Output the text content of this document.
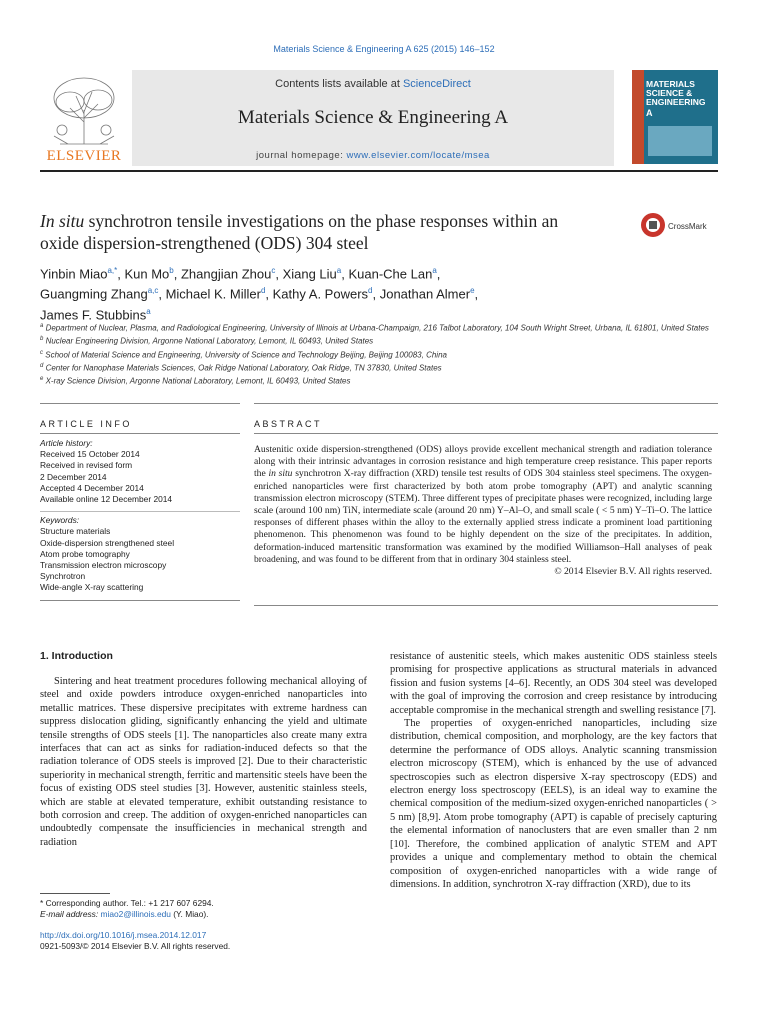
Materials Science & Engineering A 625 (2015) 146–152
ELSEVIER
Contents lists available at ScienceDirect
Materials Science & Engineering A
journal homepage: www.elsevier.com/locate/msea
MATERIALS SCIENCE & ENGINEERING
A
In situ synchrotron tensile investigations on the phase responses within an oxide dispersion-strengthened (ODS) 304 steel
CrossMark
Yinbin Miao$^{a,*}$, Kun Mo$^b$, Zhangjian Zhou$^c$, Xiang Liu$^a$, Kuan-Che Lan$^a$,
Guangming Zhang$^{a,c}$, Michael K. Miller$^d$, Kathy A. Powers$^d$, Jonathan Almer$^e$,
James F. Stubbins$^a$
$^a$ Department of Nuclear, Plasma, and Radiological Engineering, University of Illinois at Urbana-Champaign, 216 Talbot Laboratory, 104 South Wright Street, Urbana, IL 61801, United States
$^b$ Nuclear Engineering Division, Argonne National Laboratory, Lemont, IL 60493, United States
$^c$ School of Material Science and Engineering, University of Science and Technology Beijing, Beijing 100083, China
$^d$ Center for Nanophase Materials Sciences, Oak Ridge National Laboratory, Oak Ridge, TN 37830, United States
$^e$ X-ray Science Division, Argonne National Laboratory, Lemont, IL 60493, United States
ARTICLE INFO
Article history:
Received 15 October 2014
Received in revised form
2 December 2014
Accepted 4 December 2014
Available online 12 December 2014
Keywords:
Structure materials
Oxide-dispersion strengthened steel
Atom probe tomography
Transmission electron microscopy
Synchrotron
Wide-angle X-ray scattering
ABSTRACT
Austenitic oxide dispersion-strengthened (ODS) alloys provide excellent mechanical strength and radiation tolerance along with their intrinsic advantages in corrosion resistance and high temperature creep resistance. This paper reports the in situ synchrotron X-ray diffraction (XRD) tensile test results of ODS 304 stainless steel specimens. The oxygen-enriched nanoparticles were first characterized by both atom probe tomography (APT) and analytic scanning transmission electron microscopy (STEM). Three different types of precipitate phases were recognized, including large scale (around 100 nm) TiN, intermediate scale (around 20 nm) Y–Al–O, and small scale ( < 5 nm) Y–Ti–O. The lattice responses of different phases within the alloy to the externally applied stress indicate a prominent load partitioning phenomenon. This phenomenon was found to be highly dependent on the size of the precipitates. In addition, deformation-induced martensitic transformation was examined by the modified Williamson–Hall analyses of peak broadening, and was found to be different from that in ordinary 304 stainless steel.
© 2014 Elsevier B.V. All rights reserved.
1. Introduction

Sintering and heat treatment procedures following mechanical alloying of steel and oxide powders introduce oxygen-enriched nanoparticles into metallic matrices. These dispersive precipitates with extreme hardness can suppress dislocation gliding, significantly enhancing the yield and ultimate tensile strengths of ODS steels [1]. The nanoparticles also create many extra interfaces that can act as sinks for radiation-induced defects so that the radiation tolerance of ODS steels is improved [2]. Due to their characteristic superiority in mechanical strength, ferritic and martensitic steels have been the focus of existing ODS steel studies [3]. However, austenitic stainless steels, which are stable at elevated temperature, exhibit outstanding resistance to both corrosion and creep. The addition of oxygen-enriched nanoparticles can undoubtedly compensate the insufficiencies in mechanical strength and radiation

resistance of austenitic steels, which makes austenitic ODS stainless steels promising for prospective applications as structural materials in advanced fission and fusion systems [4–6]. Recently, an ODS 304 steel was developed with the goal of improving the corrosion and creep resistance by introducing acceptable compromise in the mechanical strength and swelling resistance [7].

The properties of oxygen-enriched nanoparticles, including size distribution, chemical composition, and morphology, are the key factors that determine the performance of ODS alloys. Analytic scanning transmission electron microscopy (STEM), which is enhanced by the use of advanced spectroscopies such as electron dispersive X-ray spectroscopy (EDS) and electron energy loss spectroscopy (EELS), is an ideal way to examine the chemical composition of the medium-sized oxygen-enriched nanoparticles ( > 5 nm) [8,9]. Atom probe tomography (APT) is capable of precisely capturing the elemental information of nanoclusters that are even smaller than 2 nm [10]. Therefore, the combined application of analytic STEM and APT provides a unique and complementary method to obtain the chemical composition of oxygen-enriched nanoparticles with a wide range of dimensions. In addition, synchrotron X-ray diffraction (XRD), due to its

* Corresponding author. Tel.: +1 217 607 6294.
E-mail address: miao2@illinois.edu (Y. Miao).
http://dx.doi.org/10.1016/j.msea.2014.12.017
0921-5093/© 2014 Elsevier B.V. All rights reserved.
